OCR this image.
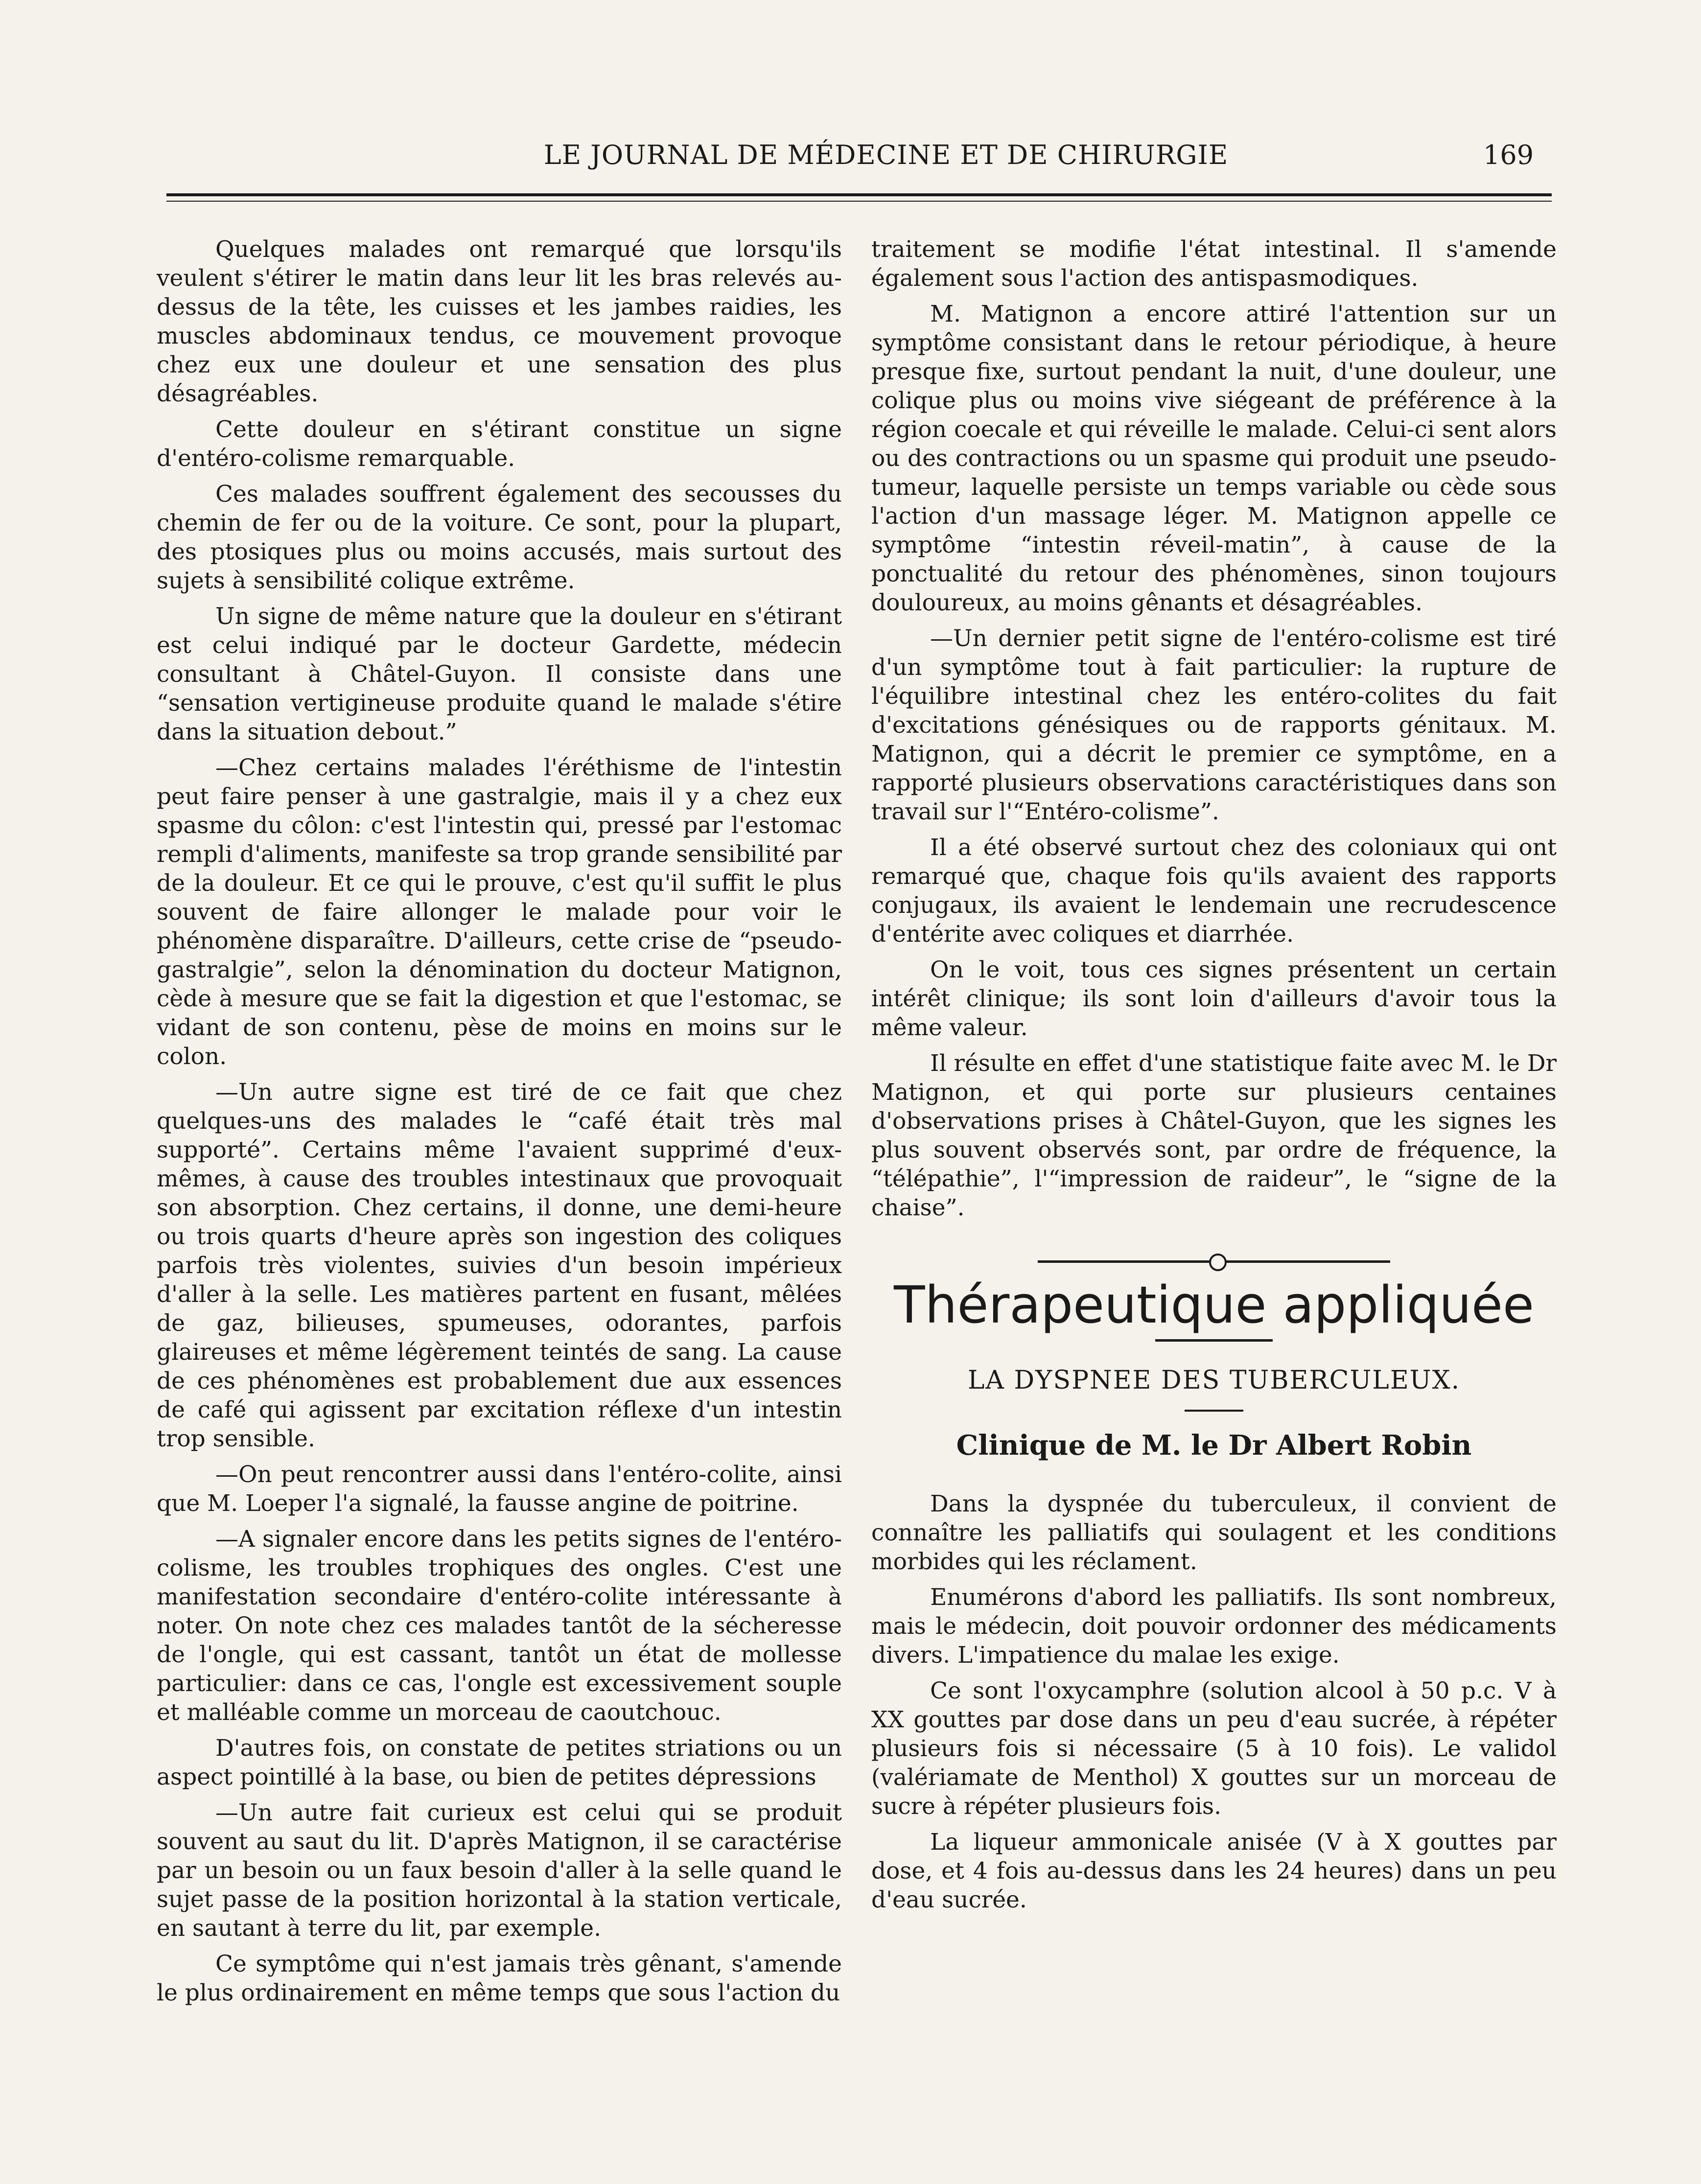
LE JOURNAL DE MÉDECINE ET DE CHIRURGIE	169

Quelques malades ont remarqué que lorsqu'ils veulent s'étirer le matin dans leur lit les bras relevés au-dessus de la tête, les cuisses et les jambes raidies, les muscles abdominaux tendus, ce mouvement provoque chez eux une douleur et une sensation des plus désagréables.

Cette douleur en s'étirant constitue un signe d'entéro-colisme remarquable.

Ces malades souffrent également des secousses du chemin de fer ou de la voiture. Ce sont, pour la plupart, des ptosiques plus ou moins accusés, mais surtout des sujets à sensibilité colique extrême.

Un signe de même nature que la douleur en s'étirant est celui indiqué par le docteur Gardette, médecin consultant à Châtel-Guyon. Il consiste dans une “sensation vertigineuse produite quand le malade s'étire dans la situation debout.”

—Chez certains malades l'éréthisme de l'intestin peut faire penser à une gastralgie, mais il y a chez eux spasme du côlon: c'est l'intestin qui, pressé par l'estomac rempli d'aliments, manifeste sa trop grande sensibilité par de la douleur. Et ce qui le prouve, c'est qu'il suffit le plus souvent de faire allonger le malade pour voir le phénomène disparaître. D'ailleurs, cette crise de “pseudo-gastralgie”, selon la dénomination du docteur Matignon, cède à mesure que se fait la digestion et que l'estomac, se vidant de son contenu, pèse de moins en moins sur le colon.

—Un autre signe est tiré de ce fait que chez quelques-uns des malades le “café était très mal supporté”. Certains même l'avaient supprimé d'eux-mêmes, à cause des troubles intestinaux que provoquait son absorption. Chez certains, il donne, une demi-heure ou trois quarts d'heure après son ingestion des coliques parfois très violentes, suivies d'un besoin impérieux d'aller à la selle. Les matières partent en fusant, mêlées de gaz, bilieuses, spumeuses, odorantes, parfois glaireuses et même légèrement teintés de sang. La cause de ces phénomènes est probablement due aux essences de café qui agissent par excitation réflexe d'un intestin trop sensible.

—On peut rencontrer aussi dans l'entéro-colite, ainsi que M. Loeper l'a signalé, la fausse angine de poitrine.

—A signaler encore dans les petits signes de l'entéro-colisme, les troubles trophiques des ongles. C'est une manifestation secondaire d'entéro-colite intéressante à noter. On note chez ces malades tantôt de la sécheresse de l'ongle, qui est cassant, tantôt un état de mollesse particulier: dans ce cas, l'ongle est excessivement souple et malléable comme un morceau de caoutchouc.

D'autres fois, on constate de petites striations ou un aspect pointillé à la base, ou bien de petites dépressions

—Un autre fait curieux est celui qui se produit souvent au saut du lit. D'après Matignon, il se caractérise par un besoin ou un faux besoin d'aller à la selle quand le sujet passe de la position horizontal à la station verticale, en sautant à terre du lit, par exemple.

Ce symptôme qui n'est jamais très gênant, s'amende le plus ordinairement en même temps que sous l'action du

traitement se modifie l'état intestinal. Il s'amende également sous l'action des antispasmodiques.

M. Matignon a encore attiré l'attention sur un symptôme consistant dans le retour périodique, à heure presque fixe, surtout pendant la nuit, d'une douleur, une colique plus ou moins vive siégeant de préférence à la région coecale et qui réveille le malade. Celui-ci sent alors ou des contractions ou un spasme qui produit une pseudo-tumeur, laquelle persiste un temps variable ou cède sous l'action d'un massage léger. M. Matignon appelle ce symptôme “intestin réveil-matin”, à cause de la ponctualité du retour des phénomènes, sinon toujours douloureux, au moins gênants et désagréables.

—Un dernier petit signe de l'entéro-colisme est tiré d'un symptôme tout à fait particulier: la rupture de l'équilibre intestinal chez les entéro-colites du fait d'excitations génésiques ou de rapports génitaux. M. Matignon, qui a décrit le premier ce symptôme, en a rapporté plusieurs observations caractéristiques dans son travail sur l'“Entéro-colisme”.

Il a été observé surtout chez des coloniaux qui ont remarqué que, chaque fois qu'ils avaient des rapports conjugaux, ils avaient le lendemain une recrudescence d'entérite avec coliques et diarrhée.

On le voit, tous ces signes présentent un certain intérêt clinique; ils sont loin d'ailleurs d'avoir tous la même valeur.

Il résulte en effet d'une statistique faite avec M. le Dr Matignon, et qui porte sur plusieurs centaines d'observations prises à Châtel-Guyon, que les signes les plus souvent observés sont, par ordre de fréquence, la “télépathie”, l'“impression de raideur”, le “signe de la chaise”.

Thérapeutique appliquée
LA DYSPNEE DES TUBERCULEUX.
Clinique de M. le Dr Albert Robin

Dans la dyspnée du tuberculeux, il convient de connaître les palliatifs qui soulagent et les conditions morbides qui les réclament.

Enumérons d'abord les palliatifs. Ils sont nombreux, mais le médecin, doit pouvoir ordonner des médicaments divers. L'impatience du malae les exige.

Ce sont l'oxycamphre (solution alcool à 50 p.c. V à XX gouttes par dose dans un peu d'eau sucrée, à répéter plusieurs fois si nécessaire (5 à 10 fois). Le validol (valériamate de Menthol) X gouttes sur un morceau de sucre à répéter plusieurs fois.

La liqueur ammonicale anisée (V à X gouttes par dose, et 4 fois au-dessus dans les 24 heures) dans un peu d'eau sucrée.
